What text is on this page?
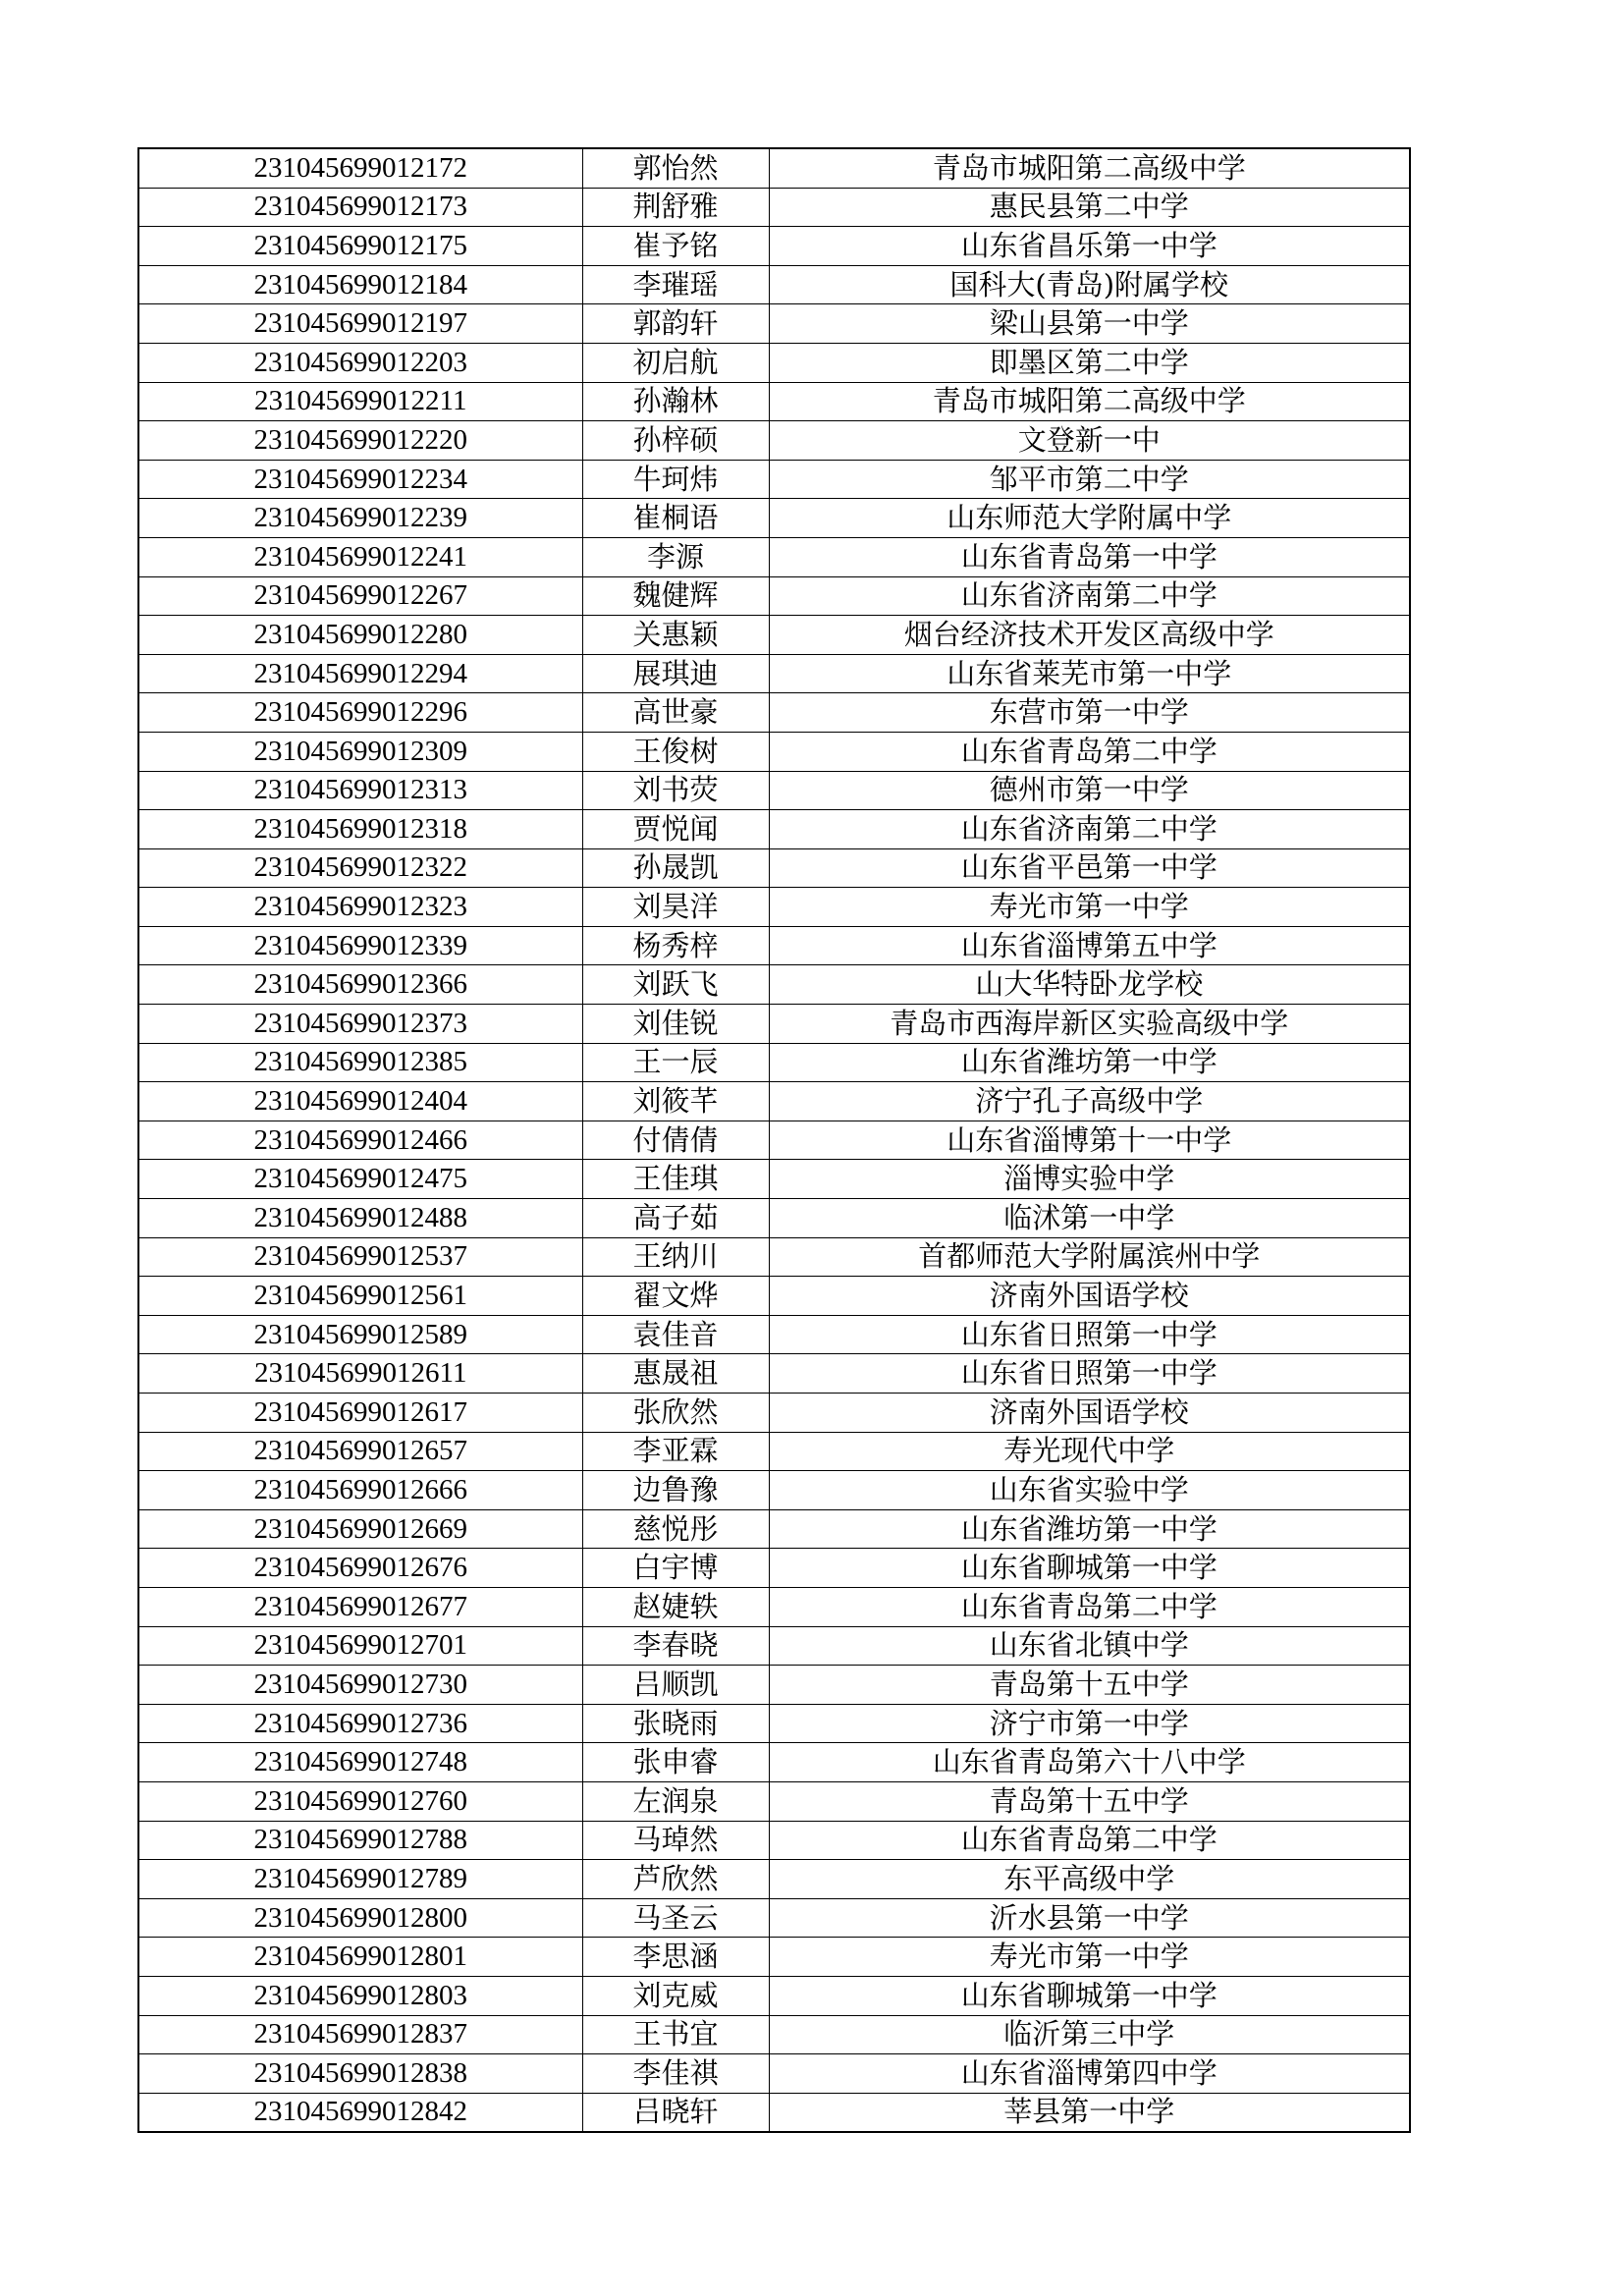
231045699012172	郭怡然	青岛市城阳第二高级中学
231045699012173	荆舒雅	惠民县第二中学
231045699012175	崔予铭	山东省昌乐第一中学
231045699012184	李璀瑶	国科大(青岛)附属学校
231045699012197	郭韵轩	梁山县第一中学
231045699012203	初启航	即墨区第二中学
231045699012211	孙瀚林	青岛市城阳第二高级中学
231045699012220	孙梓硕	文登新一中
231045699012234	牛珂炜	邹平市第二中学
231045699012239	崔桐语	山东师范大学附属中学
231045699012241	李源	山东省青岛第一中学
231045699012267	魏健辉	山东省济南第二中学
231045699012280	关惠颖	烟台经济技术开发区高级中学
231045699012294	展琪迪	山东省莱芜市第一中学
231045699012296	高世豪	东营市第一中学
231045699012309	王俊树	山东省青岛第二中学
231045699012313	刘书荧	德州市第一中学
231045699012318	贾悦闻	山东省济南第二中学
231045699012322	孙晟凯	山东省平邑第一中学
231045699012323	刘昊洋	寿光市第一中学
231045699012339	杨秀梓	山东省淄博第五中学
231045699012366	刘跃飞	山大华特卧龙学校
231045699012373	刘佳锐	青岛市西海岸新区实验高级中学
231045699012385	王一辰	山东省潍坊第一中学
231045699012404	刘筱芊	济宁孔子高级中学
231045699012466	付倩倩	山东省淄博第十一中学
231045699012475	王佳琪	淄博实验中学
231045699012488	高子茹	临沭第一中学
231045699012537	王纳川	首都师范大学附属滨州中学
231045699012561	翟文烨	济南外国语学校
231045699012589	袁佳音	山东省日照第一中学
231045699012611	惠晟祖	山东省日照第一中学
231045699012617	张欣然	济南外国语学校
231045699012657	李亚霖	寿光现代中学
231045699012666	边鲁豫	山东省实验中学
231045699012669	慈悦彤	山东省潍坊第一中学
231045699012676	白宇博	山东省聊城第一中学
231045699012677	赵婕轶	山东省青岛第二中学
231045699012701	李春晓	山东省北镇中学
231045699012730	吕顺凯	青岛第十五中学
231045699012736	张晓雨	济宁市第一中学
231045699012748	张申睿	山东省青岛第六十八中学
231045699012760	左润泉	青岛第十五中学
231045699012788	马琸然	山东省青岛第二中学
231045699012789	芦欣然	东平高级中学
231045699012800	马圣云	沂水县第一中学
231045699012801	李思涵	寿光市第一中学
231045699012803	刘克威	山东省聊城第一中学
231045699012837	王书宜	临沂第三中学
231045699012838	李佳祺	山东省淄博第四中学
231045699012842	吕晓轩	莘县第一中学
